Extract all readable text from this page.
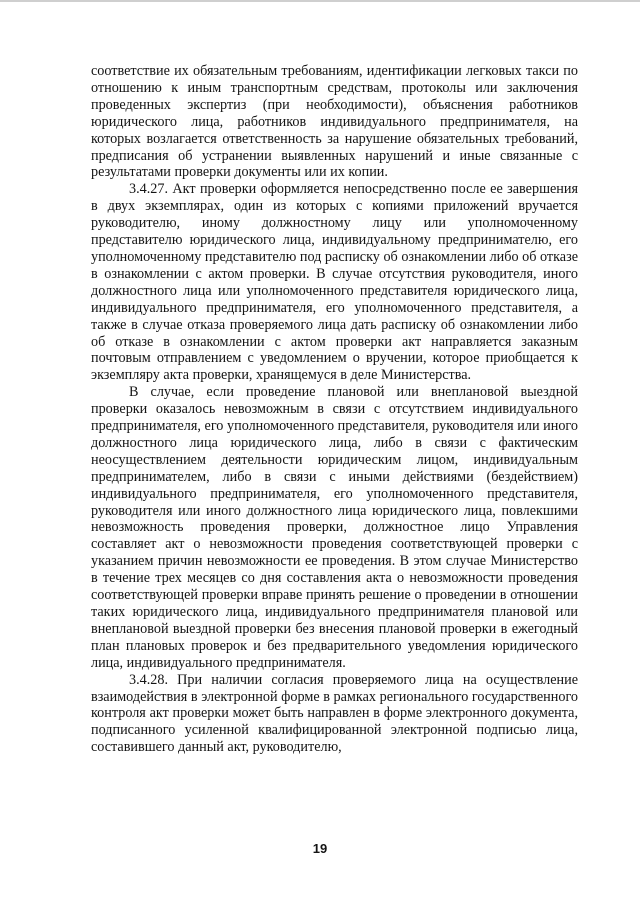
соответствие их обязательным требованиям, идентификации легковых такси по отношению к иным транспортным средствам, протоколы или заключения проведенных экспертиз (при необходимости), объяснения работников юридического лица, работников индивидуального предпринимателя, на которых возлагается ответственность за нарушение обязательных требований, предписания об устранении выявленных нарушений и иные связанные с результатами проверки документы или их копии.

3.4.27. Акт проверки оформляется непосредственно после ее завершения в двух экземплярах, один из которых с копиями приложений вручается руководителю, иному должностному лицу или уполномоченному представителю юридического лица, индивидуальному предпринимателю, его уполномоченному представителю под расписку об ознакомлении либо об отказе в ознакомлении с актом проверки. В случае отсутствия руководителя, иного должностного лица или уполномоченного представителя юридического лица, индивидуального предпринимателя, его уполномоченного представителя, а также в случае отказа проверяемого лица дать расписку об ознакомлении либо об отказе в ознакомлении с актом проверки акт направляется заказным почтовым отправлением с уведомлением о вручении, которое приобщается к экземпляру акта проверки, хранящемуся в деле Министерства.

В случае, если проведение плановой или внеплановой выездной проверки оказалось невозможным в связи с отсутствием индивидуального предпринимателя, его уполномоченного представителя, руководителя или иного должностного лица юридического лица, либо в связи с фактическим неосуществлением деятельности юридическим лицом, индивидуальным предпринимателем, либо в связи с иными действиями (бездействием) индивидуального предпринимателя, его уполномоченного представителя, руководителя или иного должностного лица юридического лица, повлекшими невозможность проведения проверки, должностное лицо Управления составляет акт о невозможности проведения соответствующей проверки с указанием причин невозможности ее проведения. В этом случае Министерство в течение трех месяцев со дня составления акта о невозможности проведения соответствующей проверки вправе принять решение о проведении в отношении таких юридического лица, индивидуального предпринимателя плановой или внеплановой выездной проверки без внесения плановой проверки в ежегодный план плановых проверок и без предварительного уведомления юридического лица, индивидуального предпринимателя.

3.4.28. При наличии согласия проверяемого лица на осуществление взаимодействия в электронной форме в рамках регионального государственного контроля акт проверки может быть направлен в форме электронного документа, подписанного усиленной квалифицированной электронной подписью лица, составившего данный акт, руководителю,

19
